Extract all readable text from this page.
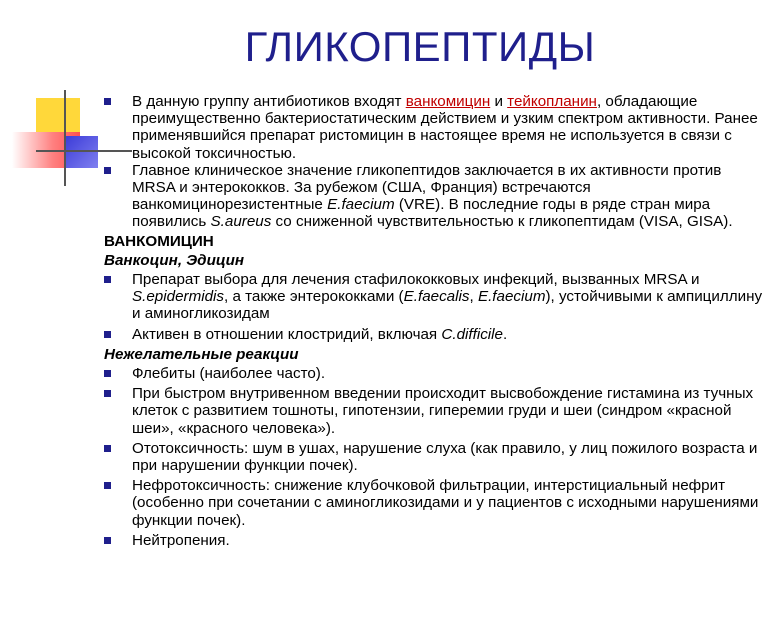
ГЛИКОПЕПТИДЫ

В данную группу антибиотиков входят ванкомицин и тейкопланин, обладающие преимущественно бактериостатическим действием и узким спектром активности. Ранее применявшийся препарат ристомицин в настоящее время не используется в связи с высокой токсичностью.

Главное клиническое значение гликопептидов заключается в их активности против MRSA и энтерококков. За рубежом (США, Франция) встречаются ванкомицинорезистентные E.faecium (VRE). В последние годы в ряде стран мира появились S.aureus со сниженной чувствительностью к гликопептидам (VISA, GISA).

ВАНКОМИЦИН
Ванкоцин, Эдицин

Препарат выбора для лечения стафилококковых инфекций, вызванных MRSA и S.epidermidis, а также энтерококками (E.faecalis, E.faecium), устойчивыми к ампициллину и аминогликозидам

Активен в отношении клостридий, включая C.difficile.

Нежелательные реакции

Флебиты (наиболее часто).

При быстром внутривенном введении происходит высвобождение гистамина из тучных клеток с развитием тошноты, гипотензии, гиперемии груди и шеи (синдром «красной шеи», «красного человека»).

Ототоксичность: шум в ушах, нарушение слуха (как правило, у лиц пожилого возраста и при нарушении функции почек).

Нефротоксичность: снижение клубочковой фильтрации, интерстициальный нефрит (особенно при сочетании с аминогликозидами и у пациентов с исходными нарушениями функции почек).

Нейтропения.
